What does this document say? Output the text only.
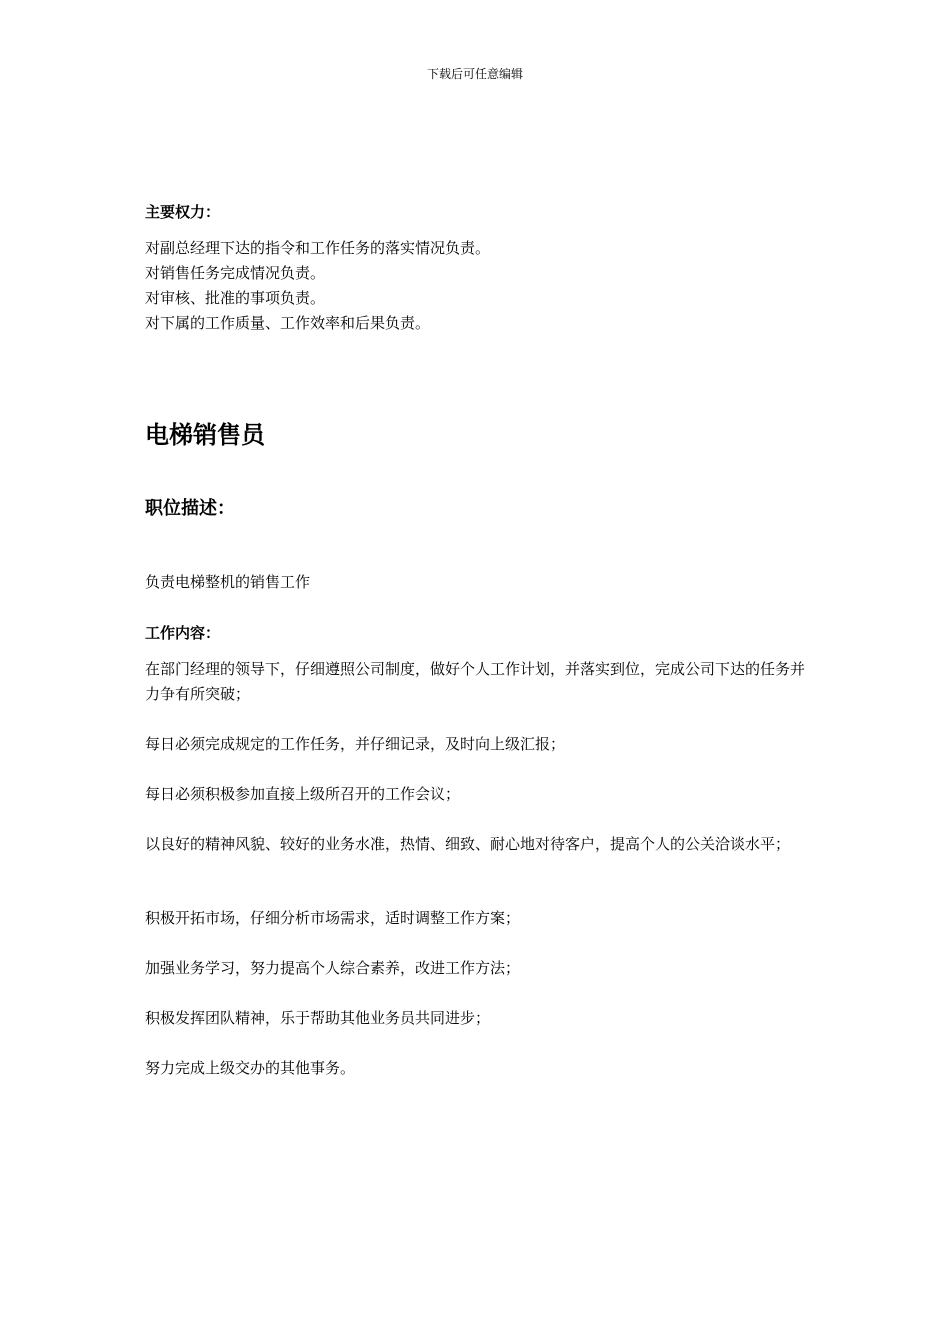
下载后可任意编辑
主要权力：
对副总经理下达的指令和工作任务的落实情况负责。
对销售任务完成情况负责。
对审核、批准的事项负责。
对下属的工作质量、工作效率和后果负责。
电梯销售员
职位描述：
负责电梯整机的销售工作
工作内容：
在部门经理的领导下，仔细遵照公司制度，做好个人工作计划，并落实到位，完成公司下达的任务并力争有所突破；
每日必须完成规定的工作任务，并仔细记录，及时向上级汇报；
每日必须积极参加直接上级所召开的工作会议；
以良好的精神风貌、较好的业务水准，热情、细致、耐心地对待客户，提高个人的公关洽谈水平；
积极开拓市场，仔细分析市场需求，适时调整工作方案；
加强业务学习，努力提高个人综合素养，改进工作方法；
积极发挥团队精神，乐于帮助其他业务员共同进步；
努力完成上级交办的其他事务。
